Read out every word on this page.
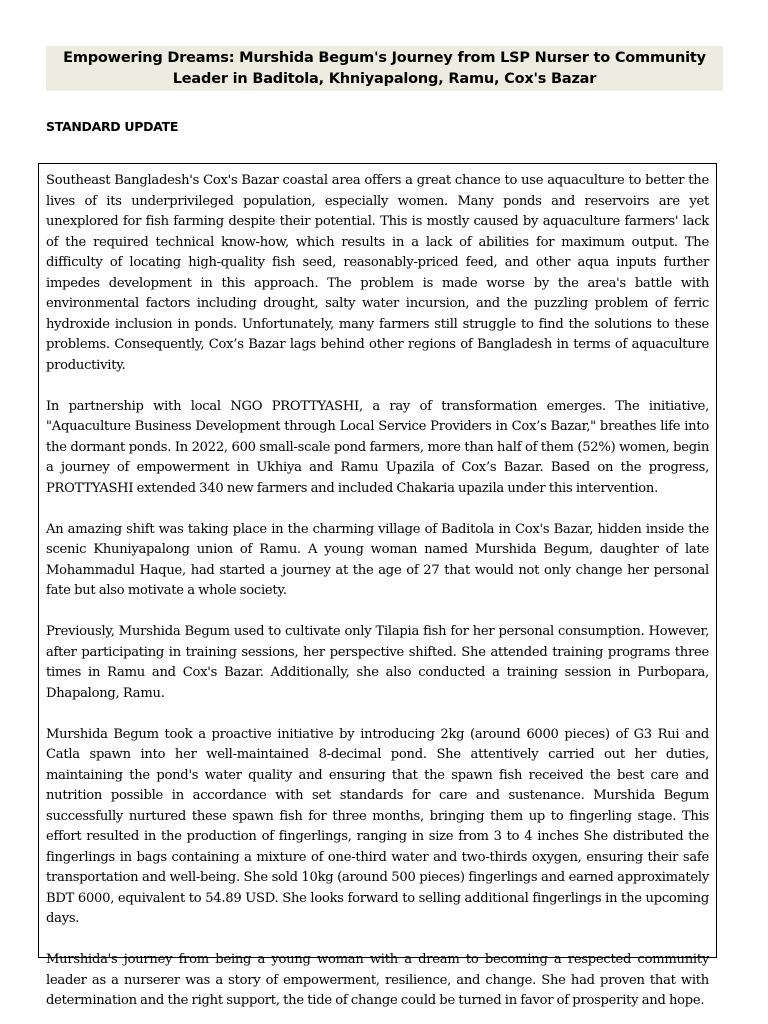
Empowering Dreams: Murshida Begum's Journey from LSP Nurser to Community Leader in Baditola, Khniyapalong, Ramu, Cox's Bazar
STANDARD UPDATE

Southeast Bangladesh's Cox's Bazar coastal area offers a great chance to use aquaculture to better the lives of its underprivileged population, especially women. Many ponds and reservoirs are yet unexplored for fish farming despite their potential. This is mostly caused by aquaculture farmers' lack of the required technical know-how, which results in a lack of abilities for maximum output. The difficulty of locating high-quality fish seed, reasonably-priced feed, and other aqua inputs further impedes development in this approach. The problem is made worse by the area's battle with environmental factors including drought, salty water incursion, and the puzzling problem of ferric hydroxide inclusion in ponds. Unfortunately, many farmers still struggle to find the solutions to these problems. Consequently, Cox’s Bazar lags behind other regions of Bangladesh in terms of aquaculture productivity.

In partnership with local NGO PROTTYASHI, a ray of transformation emerges. The initiative, "Aquaculture Business Development through Local Service Providers in Cox’s Bazar," breathes life into the dormant ponds. In 2022, 600 small-scale pond farmers, more than half of them (52%) women, begin a journey of empowerment in Ukhiya and Ramu Upazila of Cox’s Bazar. Based on the progress, PROTTYASHI extended 340 new farmers and included Chakaria upazila under this intervention.

An amazing shift was taking place in the charming village of Baditola in Cox's Bazar, hidden inside the scenic Khuniyapalong union of Ramu. A young woman named Murshida Begum, daughter of late Mohammadul Haque, had started a journey at the age of 27 that would not only change her personal fate but also motivate a whole society.

Previously, Murshida Begum used to cultivate only Tilapia fish for her personal consumption. However, after participating in training sessions, her perspective shifted. She attended training programs three times in Ramu and Cox's Bazar. Additionally, she also conducted a training session in Purbopara, Dhapalong, Ramu.

Murshida Begum took a proactive initiative by introducing 2kg (around 6000 pieces) of G3 Rui and Catla spawn into her well-maintained 8-decimal pond. She attentively carried out her duties, maintaining the pond's water quality and ensuring that the spawn fish received the best care and nutrition possible in accordance with set standards for care and sustenance. Murshida Begum successfully nurtured these spawn fish for three months, bringing them up to fingerling stage. This effort resulted in the production of fingerlings, ranging in size from 3 to 4 inches She distributed the fingerlings in bags containing a mixture of one-third water and two-thirds oxygen, ensuring their safe transportation and well-being. She sold 10kg (around 500 pieces) fingerlings and earned approximately BDT 6000, equivalent to 54.89 USD. She looks forward to selling additional fingerlings in the upcoming days.

Murshida's journey from being a young woman with a dream to becoming a respected community leader as a nurserer was a story of empowerment, resilience, and change. She had proven that with determination and the right support, the tide of change could be turned in favor of prosperity and hope.
